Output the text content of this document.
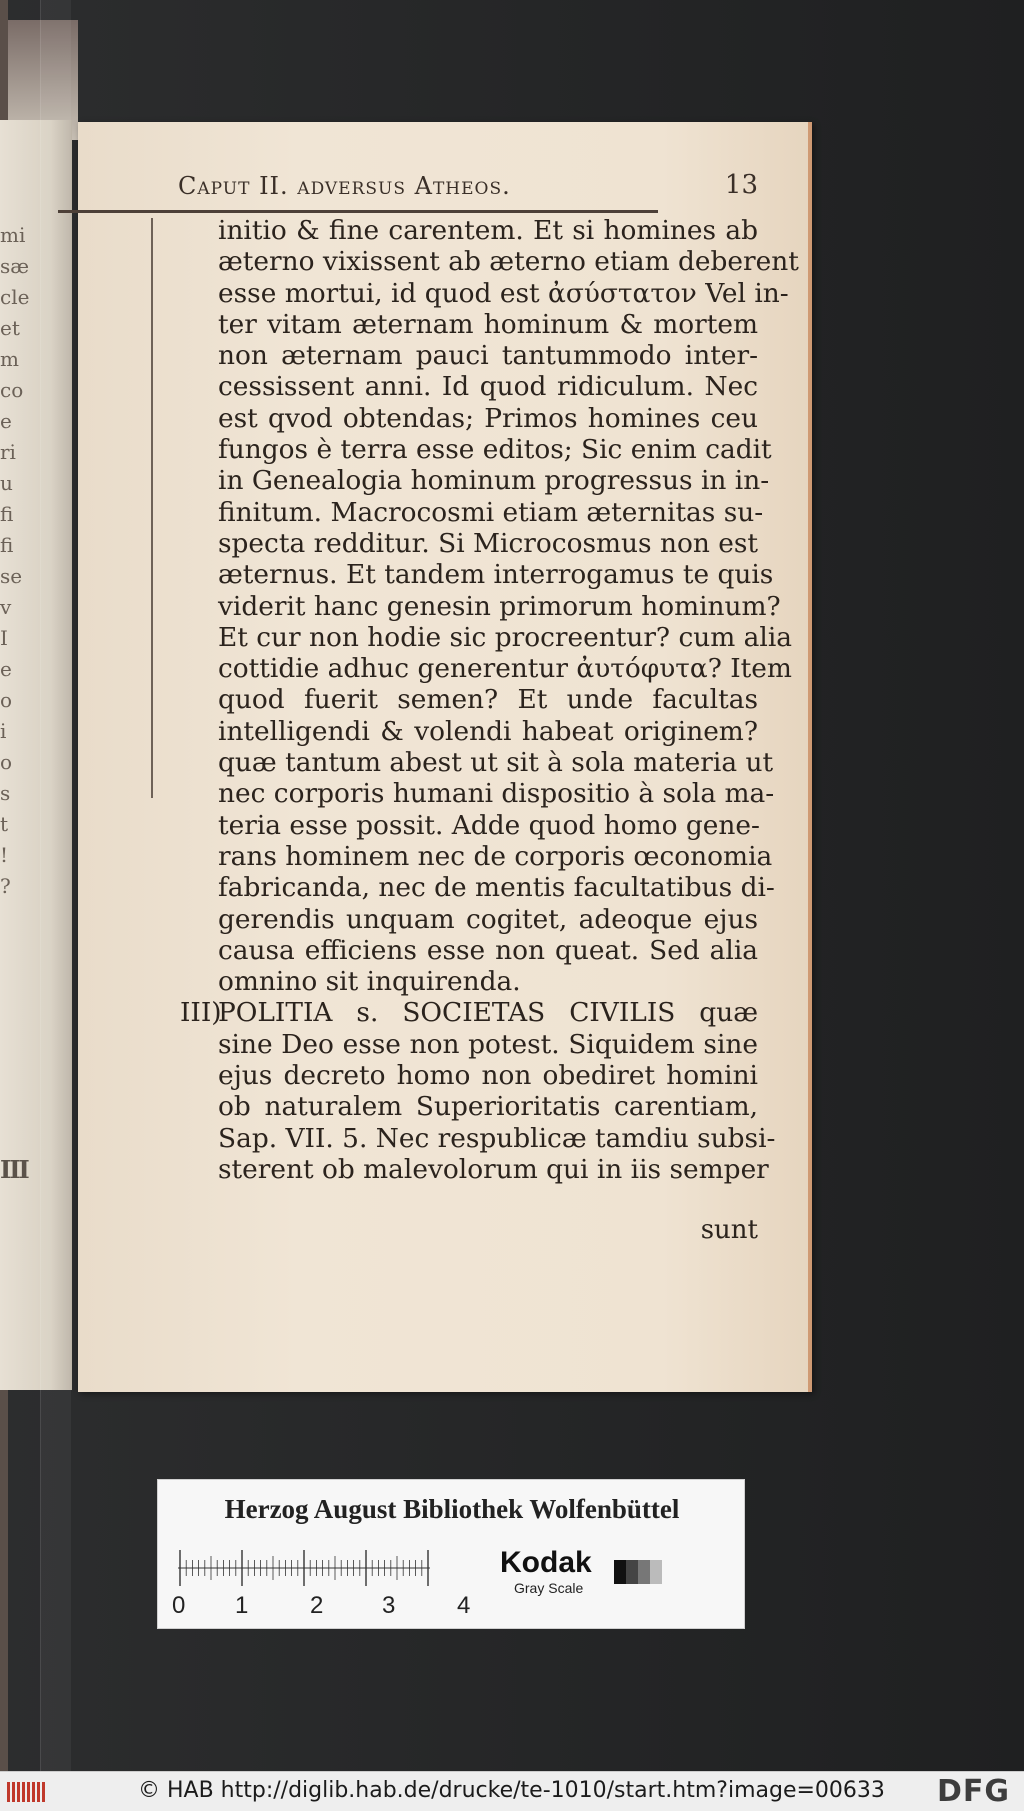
mi
sæ
cle
et
m
co
e
ri
u
fi
fi
se
v
I
e
o
i
o
s
t
!
?
III
Caput II. adversus Atheos.	13
initio & fine carentem. Et si homines ab
æterno vixissent ab æterno etiam deberent
esse mortui, id quod est ἀσύστατον Vel in-
ter vitam æternam hominum & mortem
non æternam pauci tantummodo inter-
cessissent anni. Id quod ridiculum. Nec
est qvod obtendas; Primos homines ceu
fungos è terra esse editos; Sic enim cadit
in Genealogia hominum progressus in in-
finitum. Macrocosmi etiam æternitas su-
specta redditur. Si Microcosmus non est
æternus. Et tandem interrogamus te quis
viderit hanc genesin primorum hominum?
Et cur non hodie sic procreentur? cum alia
cottidie adhuc generentur ἀυτόφυτα? Item
quod fuerit semen? Et unde facultas
intelligendi & volendi habeat originem?
quæ tantum abest ut sit à sola materia ut
nec corporis humani dispositio à sola ma-
teria esse possit. Adde quod homo gene-
rans hominem nec de corporis œconomia
fabricanda, nec de mentis facultatibus di-
gerendis unquam cogitet, adeoque ejus
causa efficiens esse non queat. Sed alia
omnino sit inquirenda.
III)
POLITIA s. SOCIETAS CIVILIS quæ
sine Deo esse non potest. Siquidem sine
ejus decreto homo non obediret homini
ob naturalem Superioritatis carentiam,
Sap. VII. 5. Nec respublicæ tamdiu subsi-
sterent ob malevolorum qui in iis semper
sunt
Herzog August Bibliothek Wolfenbüttel
0 1	2 3	4
Kodak
Gray Scale
© HAB http://diglib.hab.de/drucke/te-1010/start.htm?image=00633 DFG
